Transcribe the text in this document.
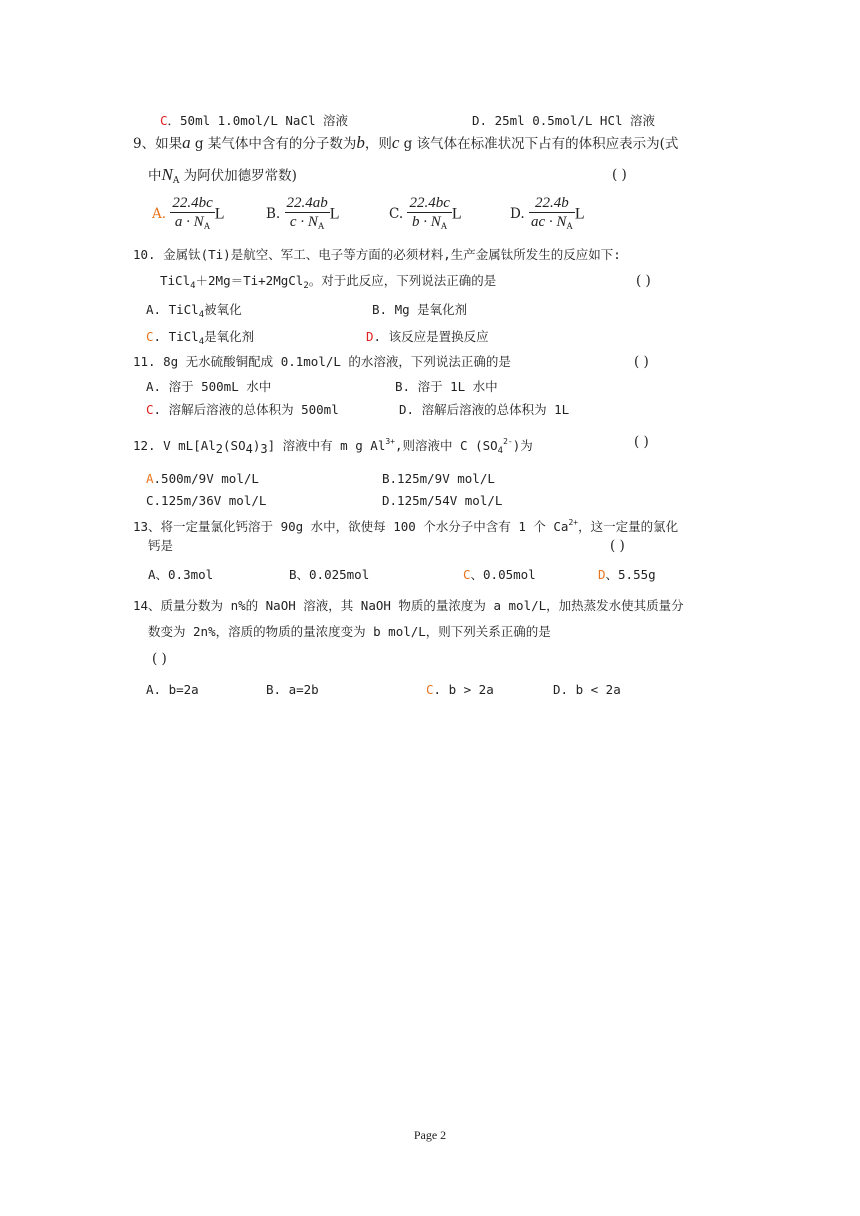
C．50ml 1.0mol/L NaCl 溶液	D. 25ml 0.5mol/L HCl 溶液
9、如果a g 某气体中含有的分子数为b，则c g 该气体在标准状况下占有的体积应表示为(式
中$N_A$ 为阿伏加德罗常数)	( )
A. $\frac{22.4bc}{a \cdot N_A}$ L	B. $\frac{22.4ab}{c \cdot N_A}$ L	C. $\frac{22.4bc}{b \cdot N_A}$ L	D. $\frac{22.4b}{ac \cdot N_A}$ L
10. 金属钛(Ti)是航空、军工、电子等方面的必须材料,生产金属钛所发生的反应如下:
TiCl$_4$＋2Mg＝Ti+2MgCl$_2$。对于此反应，下列说法正确的是	( )
A. TiCl$_4$被氧化	B. Mg 是氧化剂
C. TiCl$_4$是氧化剂	D. 该反应是置换反应
11. 8g 无水硫酸铜配成 0.1mol/L 的水溶液，下列说法正确的是	( )
A. 溶于 500mL 水中	B. 溶于 1L 水中
C. 溶解后溶液的总体积为 500ml	D. 溶解后溶液的总体积为 1L
12. V mL[Al2(SO4)3] 溶液中有 m g $Al^{3+}$,则溶液中 C $(SO_4^{2-})$为	( )
A.500m/9V mol/L	B.125m/9V mol/L
C.125m/36V mol/L	D.125m/54V mol/L
13、将一定量氯化钙溶于 90g 水中，欲使每 100 个水分子中含有 1 个 $Ca^{2+}$，这一定量的氯化
钙是	( )
A、0.3mol	B、0.025mol	C、0.05mol	D、5.55g
14、质量分数为 n%的 NaOH 溶液，其 NaOH 物质的量浓度为 a mol/L，加热蒸发水使其质量分
数变为 2n%，溶质的物质的量浓度变为 b mol/L，则下列关系正确的是
( )
A. b=2a	B. a=2b	C. b > 2a	D. b < 2a
Page 2
